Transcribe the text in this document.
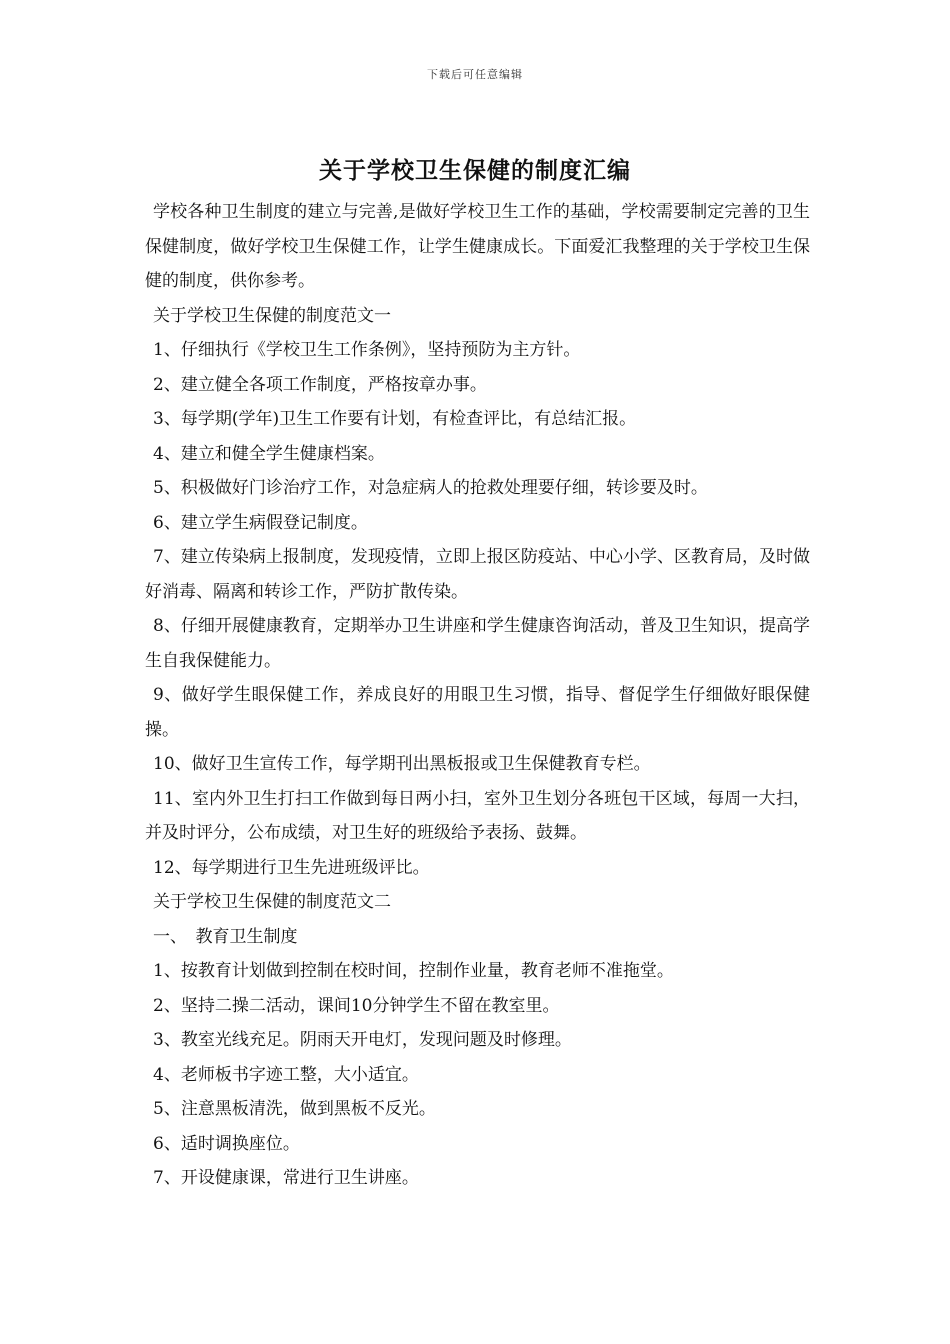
下载后可任意编辑
关于学校卫生保健的制度汇编

学校各种卫生制度的建立与完善,是做好学校卫生工作的基础，学校需要制定完善的卫生保健制度，做好学校卫生保健工作，让学生健康成长。下面爱汇我整理的关于学校卫生保健的制度，供你参考。

关于学校卫生保健的制度范文一

1、仔细执行《学校卫生工作条例》，坚持预防为主方针。

2、建立健全各项工作制度，严格按章办事。

3、每学期(学年)卫生工作要有计划，有检查评比，有总结汇报。

4、建立和健全学生健康档案。

5、积极做好门诊治疗工作，对急症病人的抢救处理要仔细，转诊要及时。

6、建立学生病假登记制度。

7、建立传染病上报制度，发现疫情，立即上报区防疫站、中心小学、区教育局，及时做好消毒、隔离和转诊工作，严防扩散传染。

8、仔细开展健康教育，定期举办卫生讲座和学生健康咨询活动，普及卫生知识，提高学生自我保健能力。

9、做好学生眼保健工作，养成良好的用眼卫生习惯，指导、督促学生仔细做好眼保健操。

10、做好卫生宣传工作，每学期刊出黑板报或卫生保健教育专栏。

11、室内外卫生打扫工作做到每日两小扫，室外卫生划分各班包干区域，每周一大扫，并及时评分，公布成绩，对卫生好的班级给予表扬、鼓舞。

12、每学期进行卫生先进班级评比。

关于学校卫生保健的制度范文二

一、　教育卫生制度

1、按教育计划做到控制在校时间，控制作业量，教育老师不准拖堂。

2、坚持二操二活动，课间10分钟学生不留在教室里。

3、教室光线充足。阴雨天开电灯，发现问题及时修理。

4、老师板书字迹工整，大小适宜。

5、注意黑板清洗，做到黑板不反光。

6、适时调换座位。

7、开设健康课，常进行卫生讲座。
